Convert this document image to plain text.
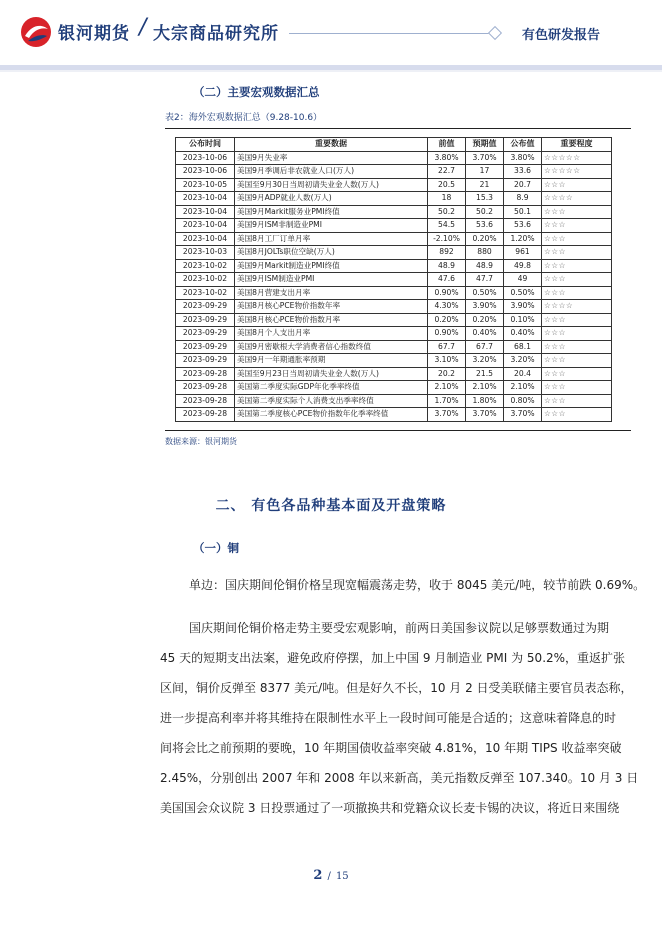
银河期货 / 大宗商品研究所	有色研发报告
（二）主要宏观数据汇总
表2：海外宏观数据汇总（9.28-10.6）
公布时间	重要数据	前值	预期值	公布值	重要程度
2023-10-06	美国9月失业率	3.80%	3.70%	3.80%	☆☆☆☆☆
2023-10-06	美国9月季调后非农就业人口(万人)	22.7	17	33.6	☆☆☆☆☆
2023-10-05	美国至9月30日当周初请失业金人数(万人)	20.5	21	20.7	☆☆☆
2023-10-04	美国9月ADP就业人数(万人)	18	15.3	8.9	☆☆☆☆
2023-10-04	美国9月Markit服务业PMI终值	50.2	50.2	50.1	☆☆☆
2023-10-04	美国9月ISM非制造业PMI	54.5	53.6	53.6	☆☆☆
2023-10-04	美国8月工厂订单月率	-2.10%	0.20%	1.20%	☆☆☆
2023-10-03	美国8月JOLTs职位空缺(万人)	892	880	961	☆☆☆
2023-10-02	美国9月Markit制造业PMI终值	48.9	48.9	49.8	☆☆☆
2023-10-02	美国9月ISM制造业PMI	47.6	47.7	49	☆☆☆
2023-10-02	美国8月营建支出月率	0.90%	0.50%	0.50%	☆☆☆
2023-09-29	美国8月核心PCE物价指数年率	4.30%	3.90%	3.90%	☆☆☆☆
2023-09-29	美国8月核心PCE物价指数月率	0.20%	0.20%	0.10%	☆☆☆
2023-09-29	美国8月个人支出月率	0.90%	0.40%	0.40%	☆☆☆
2023-09-29	美国9月密歇根大学消费者信心指数终值	67.7	67.7	68.1	☆☆☆
2023-09-29	美国9月一年期通胀率预期	3.10%	3.20%	3.20%	☆☆☆
2023-09-28	美国至9月23日当周初请失业金人数(万人)	20.2	21.5	20.4	☆☆☆
2023-09-28	美国第二季度实际GDP年化季率终值	2.10%	2.10%	2.10%	☆☆☆
2023-09-28	美国第二季度实际个人消费支出季率终值	1.70%	1.80%	0.80%	☆☆☆
2023-09-28	美国第二季度核心PCE物价指数年化季率终值	3.70%	3.70%	3.70%	☆☆☆
数据来源：银河期货
二、 有色各品种基本面及开盘策略
（一）铜
单边：国庆期间伦铜价格呈现宽幅震荡走势，收于 8045 美元/吨，较节前跌 0.69%。
国庆期间伦铜价格走势主要受宏观影响，前两日美国参议院以足够票数通过为期
45 天的短期支出法案，避免政府停摆，加上中国 9 月制造业 PMI 为 50.2%，重返扩张
区间，铜价反弹至 8377 美元/吨。但是好久不长，10 月 2 日受美联储主要官员表态称，
进一步提高利率并将其维持在限制性水平上一段时间可能是合适的；这意味着降息的时
间将会比之前预期的要晚，10 年期国债收益率突破 4.81%，10 年期 TIPS 收益率突破
2.45%，分别创出 2007 年和 2008 年以来新高，美元指数反弹至 107.340。10 月 3 日
美国国会众议院 3 日投票通过了一项撤换共和党籍众议长麦卡锡的决议，将近日来围绕
2 / 15
